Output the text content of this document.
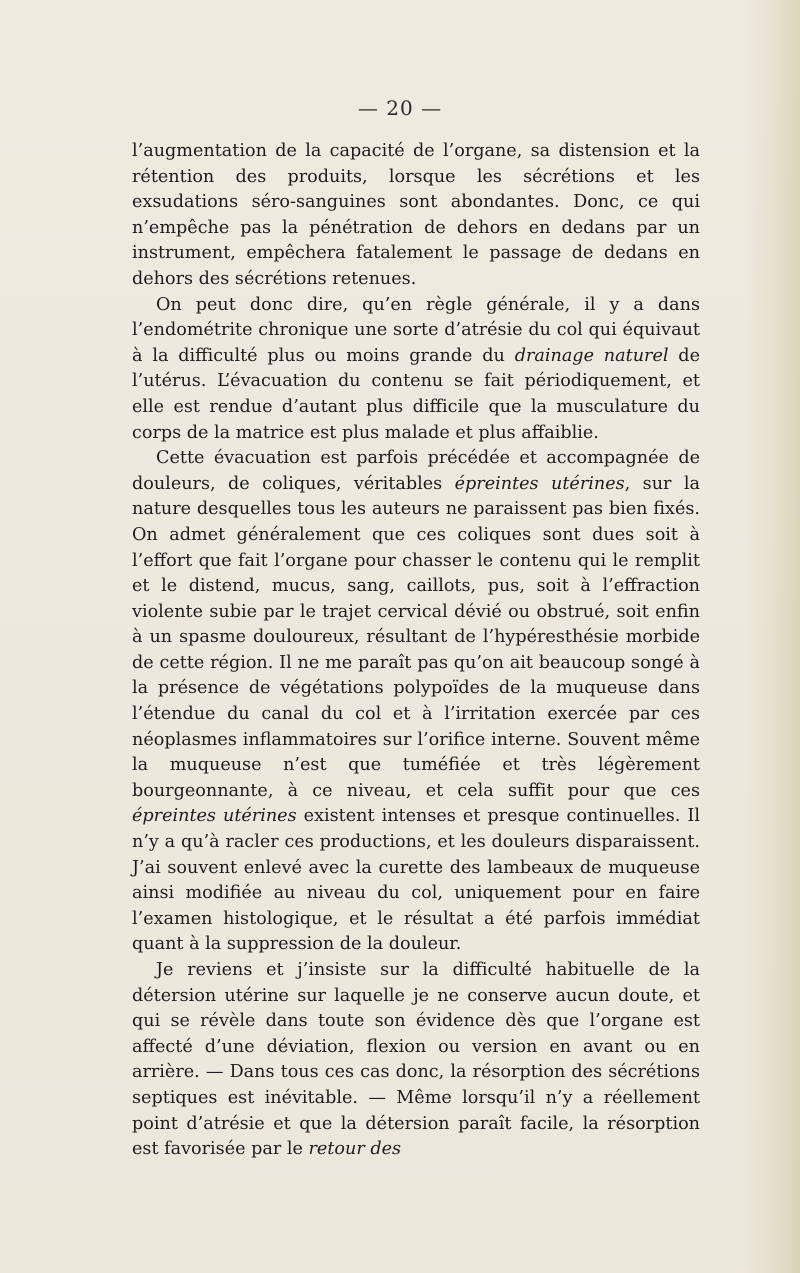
— 20 —

l’augmentation de la capacité de l’organe, sa distension et la rétention des produits, lorsque les sécrétions et les exsudations séro-sanguines sont abondantes. Donc, ce qui n’empêche pas la pénétration de dehors en dedans par un instrument, empêchera fatalement le passage de dedans en dehors des sécrétions retenues.

On peut donc dire, qu’en règle générale, il y a dans l’endométrite chronique une sorte d’atrésie du col qui équivaut à la difficulté plus ou moins grande du drainage naturel de l’utérus. L’évacuation du contenu se fait périodiquement, et elle est rendue d’autant plus difficile que la musculature du corps de la matrice est plus malade et plus affaiblie.

Cette évacuation est parfois précédée et accompagnée de douleurs, de coliques, véritables épreintes utérines, sur la nature desquelles tous les auteurs ne paraissent pas bien fixés. On admet généralement que ces coliques sont dues soit à l’effort que fait l’organe pour chasser le contenu qui le remplit et le distend, mucus, sang, caillots, pus, soit à l’effraction violente subie par le trajet cervical dévié ou obstrué, soit enfin à un spasme douloureux, résultant de l’hypéresthésie morbide de cette région. Il ne me paraît pas qu’on ait beaucoup songé à la présence de végétations polypoïdes de la muqueuse dans l’étendue du canal du col et à l’irritation exercée par ces néoplasmes inflammatoires sur l’orifice interne. Souvent même la muqueuse n’est que tuméfiée et très légèrement bourgeonnante, à ce niveau, et cela suffit pour que ces épreintes utérines existent intenses et presque continuelles. Il n’y a qu’à racler ces productions, et les douleurs disparaissent. J’ai souvent enlevé avec la curette des lambeaux de muqueuse ainsi modifiée au niveau du col, uniquement pour en faire l’examen histologique, et le résultat a été parfois immédiat quant à la suppression de la douleur.

Je reviens et j’insiste sur la difficulté habituelle de la détersion utérine sur laquelle je ne conserve aucun doute, et qui se révèle dans toute son évidence dès que l’organe est affecté d’une déviation, flexion ou version en avant ou en arrière. — Dans tous ces cas donc, la résorption des sécrétions septiques est inévitable. — Même lorsqu’il n’y a réellement point d’atrésie et que la détersion paraît facile, la résorption est favorisée par le retour des
